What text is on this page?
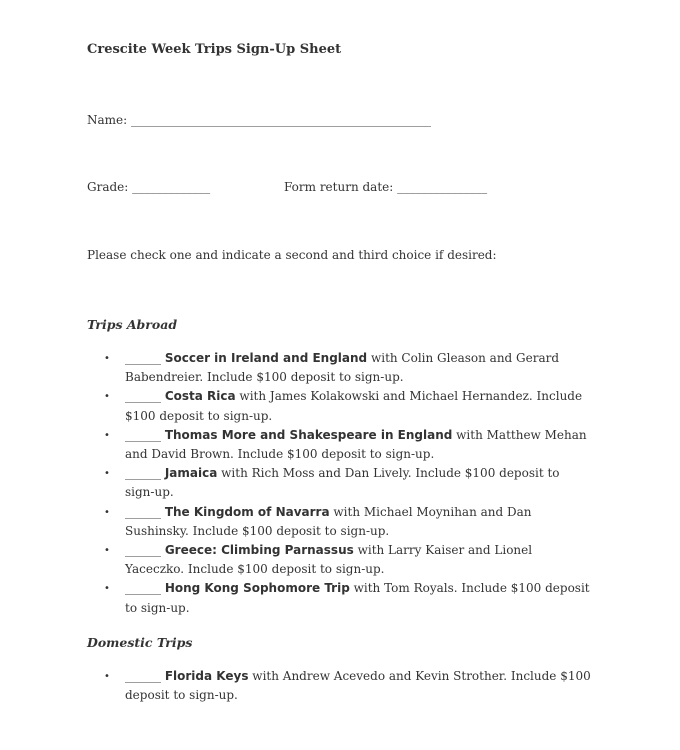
Crescite Week Trips Sign-Up Sheet
Name: __________________________________________________
Grade: _____________	Form return date: _______________
Please check one and indicate a second and third choice if desired:
Trips Abroad
• ______ Soccer in Ireland and England with Colin Gleason and Gerard Babendreier. Include $100 deposit to sign-up.
• ______ Costa Rica with James Kolakowski and Michael Hernandez. Include $100 deposit to sign-up.
• ______ Thomas More and Shakespeare in England with Matthew Mehan and David Brown. Include $100 deposit to sign-up.
• ______ Jamaica with Rich Moss and Dan Lively. Include $100 deposit to sign-up.
• ______ The Kingdom of Navarra with Michael Moynihan and Dan Sushinsky. Include $100 deposit to sign-up.
• ______ Greece: Climbing Parnassus with Larry Kaiser and Lionel Yaceczko. Include $100 deposit to sign-up.
• ______ Hong Kong Sophomore Trip with Tom Royals. Include $100 deposit to sign-up.
Domestic Trips
• ______ Florida Keys with Andrew Acevedo and Kevin Strother. Include $100 deposit to sign-up.
